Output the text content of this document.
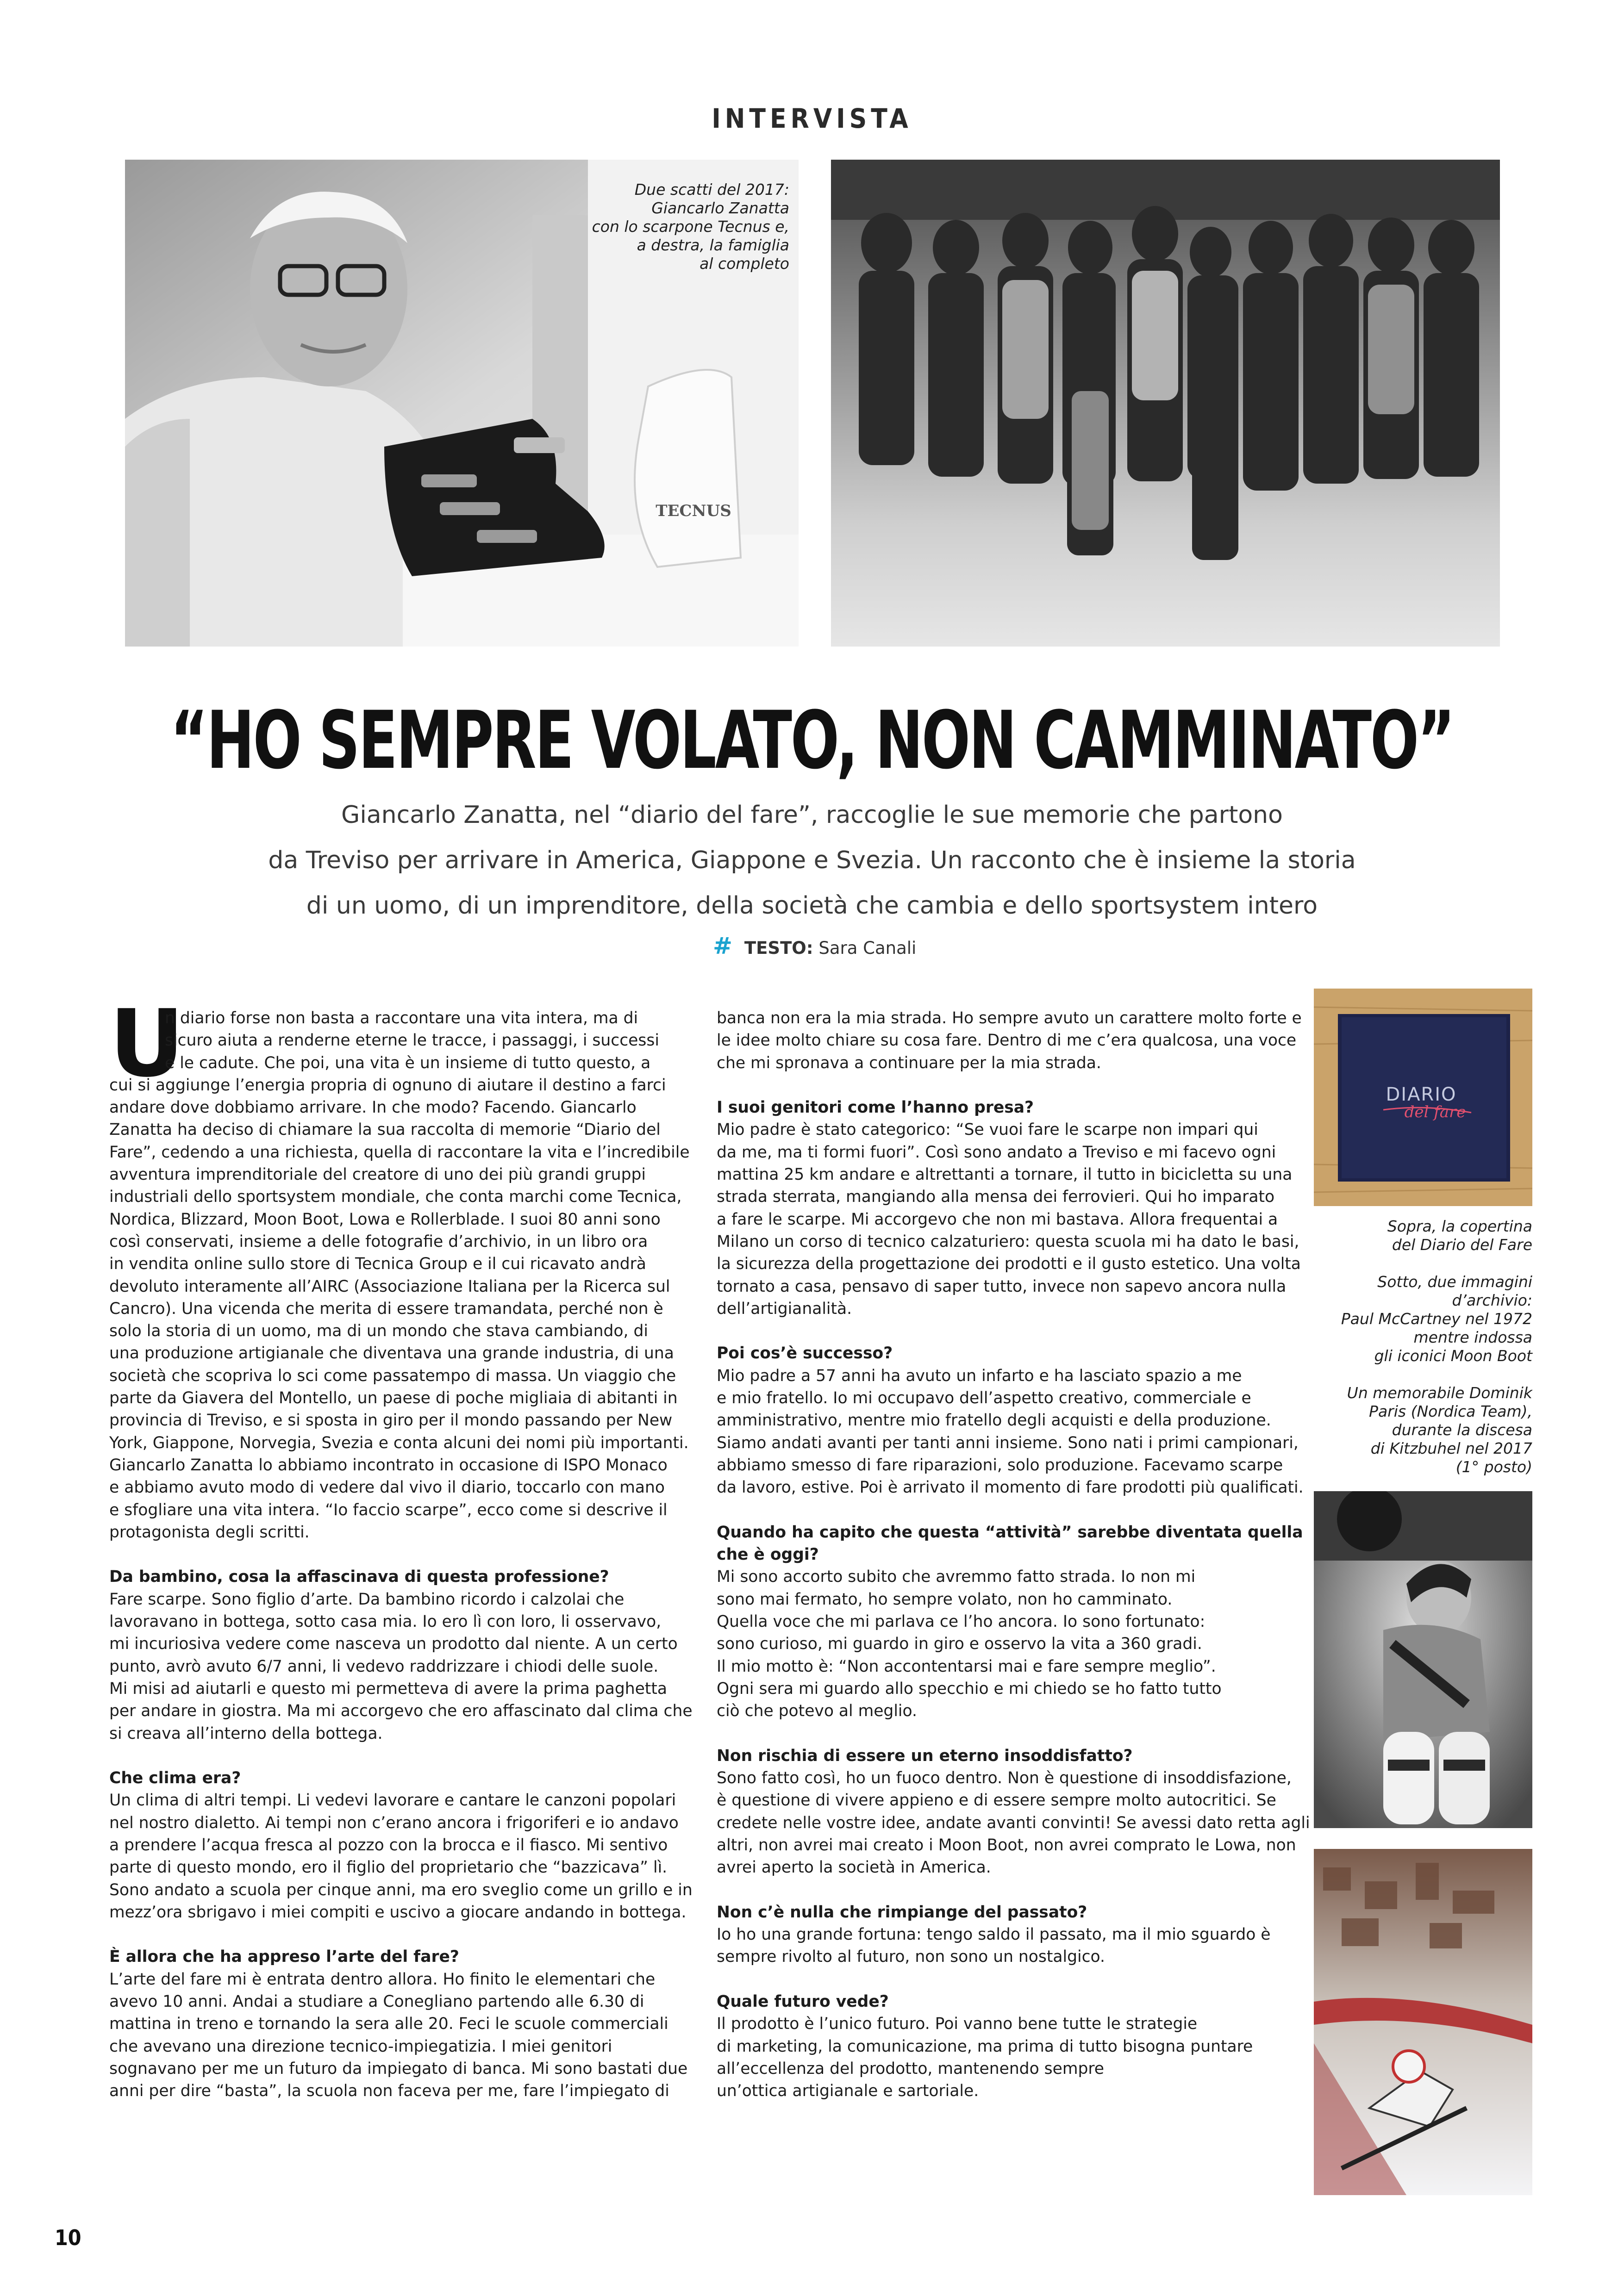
INTERVISTA
TECNUS
Due scatti del 2017:
Giancarlo Zanatta
con lo scarpone Tecnus e,
a destra, la famiglia
al completo
“HO SEMPRE VOLATO, NON CAMMINATO”
Giancarlo Zanatta, nel “diario del fare”, raccoglie le sue memorie che partono
da Treviso per arrivare in America, Giappone e Svezia. Un racconto che è insieme la storia
di un uomo, di un imprenditore, della società che cambia e dello sportsystem intero
# TESTO: Sara Canali
U
n diario forse non basta a raccontare una vita intera, ma di
sicuro aiuta a renderne eterne le tracce, i passaggi, i successi
e le cadute. Che poi, una vita è un insieme di tutto questo, a
cui si aggiunge l’energia propria di ognuno di aiutare il destino a farci
andare dove dobbiamo arrivare. In che modo? Facendo. Giancarlo
Zanatta ha deciso di chiamare la sua raccolta di memorie “Diario del
Fare”, cedendo a una richiesta, quella di raccontare la vita e l’incredibile
avventura imprenditoriale del creatore di uno dei più grandi gruppi
industriali dello sportsystem mondiale, che conta marchi come Tecnica,
Nordica, Blizzard, Moon Boot, Lowa e Rollerblade. I suoi 80 anni sono
così conservati, insieme a delle fotografie d’archivio, in un libro ora
in vendita online sullo store di Tecnica Group e il cui ricavato andrà
devoluto interamente all’AIRC (Associazione Italiana per la Ricerca sul
Cancro). Una vicenda che merita di essere tramandata, perché non è
solo la storia di un uomo, ma di un mondo che stava cambiando, di
una produzione artigianale che diventava una grande industria, di una
società che scopriva lo sci come passatempo di massa. Un viaggio che
parte da Giavera del Montello, un paese di poche migliaia di abitanti in
provincia di Treviso, e si sposta in giro per il mondo passando per New
York, Giappone, Norvegia, Svezia e conta alcuni dei nomi più importanti.
Giancarlo Zanatta lo abbiamo incontrato in occasione di ISPO Monaco
e abbiamo avuto modo di vedere dal vivo il diario, toccarlo con mano
e sfogliare una vita intera. “Io faccio scarpe”, ecco come si descrive il
protagonista degli scritti.
Da bambino, cosa la affascinava di questa professione?
Fare scarpe. Sono figlio d’arte. Da bambino ricordo i calzolai che
lavoravano in bottega, sotto casa mia. Io ero lì con loro, li osservavo,
mi incuriosiva vedere come nasceva un prodotto dal niente. A un certo
punto, avrò avuto 6/7 anni, li vedevo raddrizzare i chiodi delle suole.
Mi misi ad aiutarli e questo mi permetteva di avere la prima paghetta
per andare in giostra. Ma mi accorgevo che ero affascinato dal clima che
si creava all’interno della bottega.
Che clima era?
Un clima di altri tempi. Li vedevi lavorare e cantare le canzoni popolari
nel nostro dialetto. Ai tempi non c’erano ancora i frigoriferi e io andavo
a prendere l’acqua fresca al pozzo con la brocca e il fiasco. Mi sentivo
parte di questo mondo, ero il figlio del proprietario che “bazzicava” lì.
Sono andato a scuola per cinque anni, ma ero sveglio come un grillo e in
mezz’ora sbrigavo i miei compiti e uscivo a giocare andando in bottega.
È allora che ha appreso l’arte del fare?
L’arte del fare mi è entrata dentro allora. Ho finito le elementari che
avevo 10 anni. Andai a studiare a Conegliano partendo alle 6.30 di
mattina in treno e tornando la sera alle 20. Feci le scuole commerciali
che avevano una direzione tecnico-impiegatizia. I miei genitori
sognavano per me un futuro da impiegato di banca. Mi sono bastati due
anni per dire “basta”, la scuola non faceva per me, fare l’impiegato di
banca non era la mia strada. Ho sempre avuto un carattere molto forte e
le idee molto chiare su cosa fare. Dentro di me c’era qualcosa, una voce
che mi spronava a continuare per la mia strada.
I suoi genitori come l’hanno presa?
Mio padre è stato categorico: “Se vuoi fare le scarpe non impari qui
da me, ma ti formi fuori”. Così sono andato a Treviso e mi facevo ogni
mattina 25 km andare e altrettanti a tornare, il tutto in bicicletta su una
strada sterrata, mangiando alla mensa dei ferrovieri. Qui ho imparato
a fare le scarpe. Mi accorgevo che non mi bastava. Allora frequentai a
Milano un corso di tecnico calzaturiero: questa scuola mi ha dato le basi,
la sicurezza della progettazione dei prodotti e il gusto estetico. Una volta
tornato a casa, pensavo di saper tutto, invece non sapevo ancora nulla
dell’artigianalità.
Poi cos’è successo?
Mio padre a 57 anni ha avuto un infarto e ha lasciato spazio a me
e mio fratello. Io mi occupavo dell’aspetto creativo, commerciale e
amministrativo, mentre mio fratello degli acquisti e della produzione.
Siamo andati avanti per tanti anni insieme. Sono nati i primi campionari,
abbiamo smesso di fare riparazioni, solo produzione. Facevamo scarpe
da lavoro, estive. Poi è arrivato il momento di fare prodotti più qualificati.
Quando ha capito che questa “attività” sarebbe diventata quella
che è oggi?
Mi sono accorto subito che avremmo fatto strada. Io non mi
sono mai fermato, ho sempre volato, non ho camminato.
Quella voce che mi parlava ce l’ho ancora. Io sono fortunato:
sono curioso, mi guardo in giro e osservo la vita a 360 gradi.
Il mio motto è: “Non accontentarsi mai e fare sempre meglio”.
Ogni sera mi guardo allo specchio e mi chiedo se ho fatto tutto
ciò che potevo al meglio.
Non rischia di essere un eterno insoddisfatto?
Sono fatto così, ho un fuoco dentro. Non è questione di insoddisfazione,
è questione di vivere appieno e di essere sempre molto autocritici. Se
credete nelle vostre idee, andate avanti convinti! Se avessi dato retta agli
altri, non avrei mai creato i Moon Boot, non avrei comprato le Lowa, non
avrei aperto la società in America.
Non c’è nulla che rimpiange del passato?
Io ho una grande fortuna: tengo saldo il passato, ma il mio sguardo è
sempre rivolto al futuro, non sono un nostalgico.
Quale futuro vede?
Il prodotto è l’unico futuro. Poi vanno bene tutte le strategie
di marketing, la comunicazione, ma prima di tutto bisogna puntare
all’eccellenza del prodotto, mantenendo sempre
un’ottica artigianale e sartoriale.
DIARIO
del fare
Sopra, la copertina
del Diario del Fare
Sotto, due immagini
d’archivio:
Paul McCartney nel 1972
mentre indossa
gli iconici Moon Boot
Un memorabile Dominik
Paris (Nordica Team),
durante la discesa
di Kitzbuhel nel 2017
(1° posto)
10
